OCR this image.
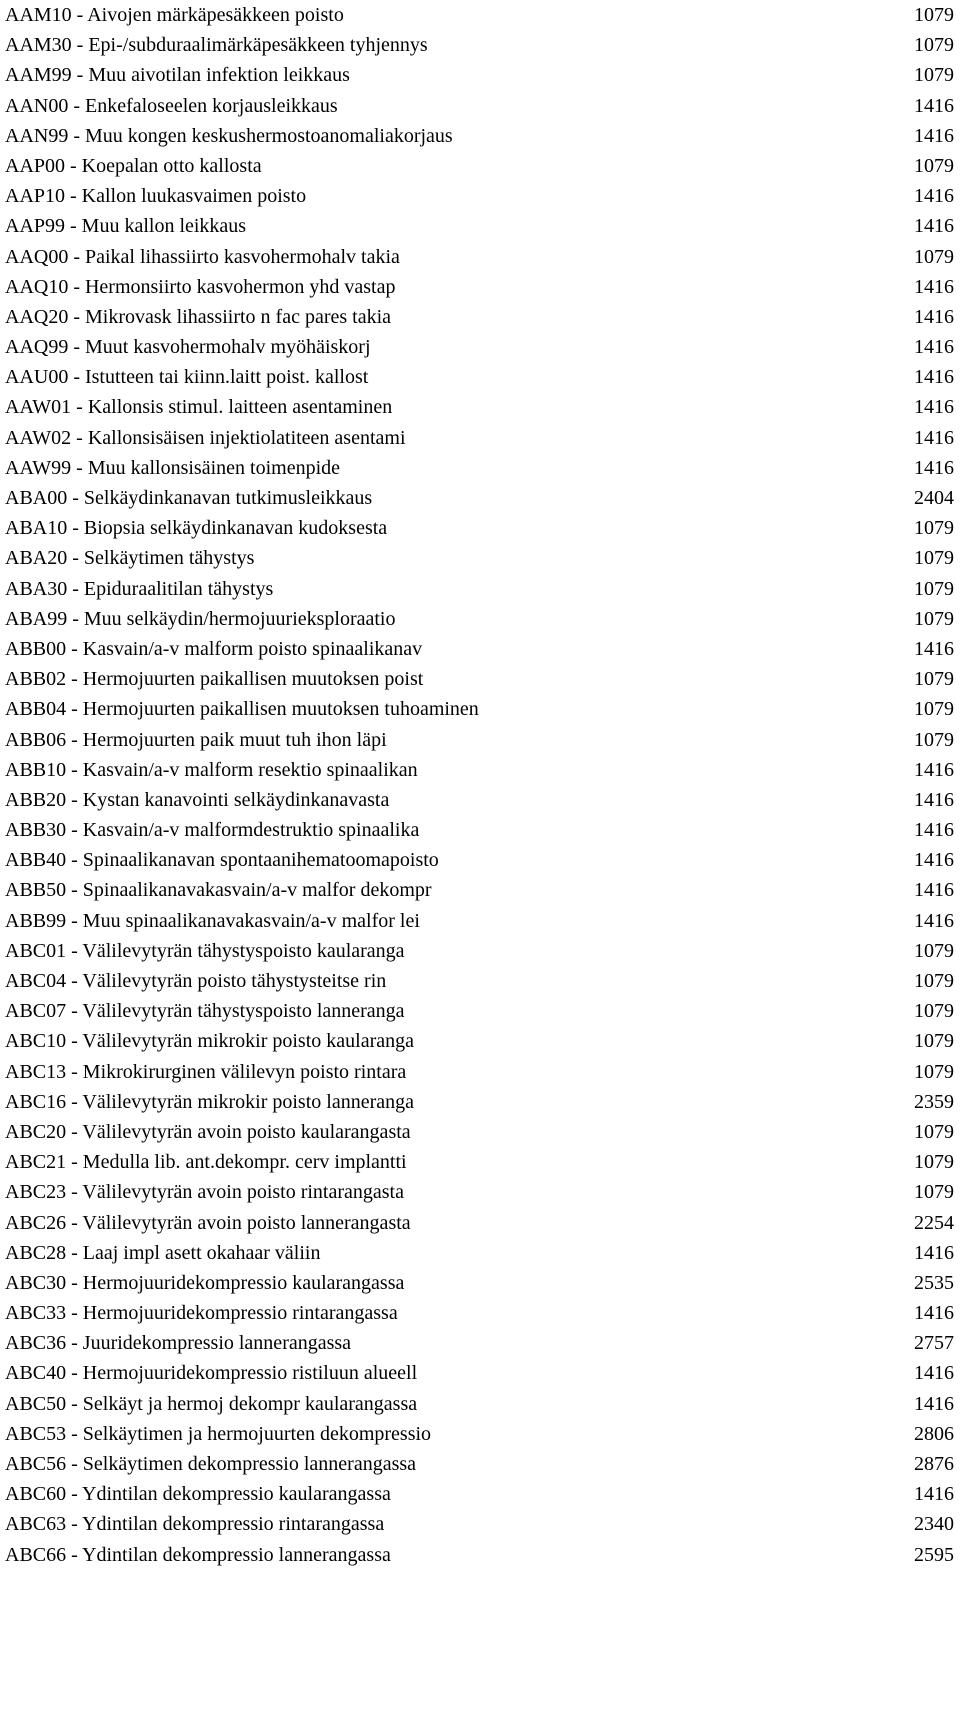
AAM10 - Aivojen märkäpesäkkeen poisto	1079
AAM30 - Epi-/subduraalimärkäpesäkkeen tyhjennys	1079
AAM99 - Muu aivotilan infektion leikkaus	1079
AAN00 - Enkefaloseelen korjausleikkaus	1416
AAN99 - Muu kongen keskushermostoanomaliakorjaus	1416
AAP00 - Koepalan otto kallosta	1079
AAP10 - Kallon luukasvaimen poisto	1416
AAP99 - Muu kallon leikkaus	1416
AAQ00 - Paikal lihassiirto kasvohermohalv takia	1079
AAQ10 - Hermonsiirto kasvohermon yhd vastap	1416
AAQ20 - Mikrovask lihassiirto n fac pares takia	1416
AAQ99 - Muut kasvohermohalv myöhäiskorj	1416
AAU00 - Istutteen tai kiinn.laitt poist. kallost	1416
AAW01 - Kallonsis stimul. laitteen asentaminen	1416
AAW02 - Kallonsisäisen injektiolatiteen asentami	1416
AAW99 - Muu kallonsisäinen toimenpide	1416
ABA00 - Selkäydinkanavan tutkimusleikkaus	2404
ABA10 - Biopsia selkäydinkanavan kudoksesta	1079
ABA20 - Selkäytimen tähystys	1079
ABA30 - Epiduraalitilan tähystys	1079
ABA99 - Muu selkäydin/hermojuurieksploraatio	1079
ABB00 - Kasvain/a-v malform poisto spinaalikanav	1416
ABB02 - Hermojuurten paikallisen muutoksen poist	1079
ABB04 - Hermojuurten paikallisen muutoksen tuhoaminen	1079
ABB06 - Hermojuurten paik muut tuh ihon läpi	1079
ABB10 - Kasvain/a-v malform resektio spinaalikan	1416
ABB20 - Kystan kanavointi selkäydinkanavasta	1416
ABB30 - Kasvain/a-v malformdestruktio spinaalika	1416
ABB40 - Spinaalikanavan spontaanihematoomapoisto	1416
ABB50 - Spinaalikanavakasvain/a-v malfor dekompr	1416
ABB99 - Muu spinaalikanavakasvain/a-v malfor lei	1416
ABC01 - Välilevytyrän tähystyspoisto kaularanga	1079
ABC04 - Välilevytyrän poisto tähystysteitse rin	1079
ABC07 - Välilevytyrän tähystyspoisto lanneranga	1079
ABC10 - Välilevytyrän mikrokir poisto kaularanga	1079
ABC13 - Mikrokirurginen välilevyn poisto rintara	1079
ABC16 - Välilevytyrän mikrokir poisto lanneranga	2359
ABC20 - Välilevytyrän avoin poisto kaularangasta	1079
ABC21 - Medulla lib. ant.dekompr. cerv implantti	1079
ABC23 - Välilevytyrän avoin poisto rintarangasta	1079
ABC26 - Välilevytyrän avoin poisto lannerangasta	2254
ABC28 - Laaj impl asett okahaar väliin	1416
ABC30 - Hermojuuridekompressio kaularangassa	2535
ABC33 - Hermojuuridekompressio rintarangassa	1416
ABC36 - Juuridekompressio lannerangassa	2757
ABC40 - Hermojuuridekompressio ristiluun alueell	1416
ABC50 - Selkäyt ja hermoj dekompr kaularangassa	1416
ABC53 - Selkäytimen ja hermojuurten dekompressio	2806
ABC56 - Selkäytimen dekompressio lannerangassa	2876
ABC60 - Ydintilan dekompressio kaularangassa	1416
ABC63 - Ydintilan dekompressio rintarangassa	2340
ABC66 - Ydintilan dekompressio lannerangassa	2595
